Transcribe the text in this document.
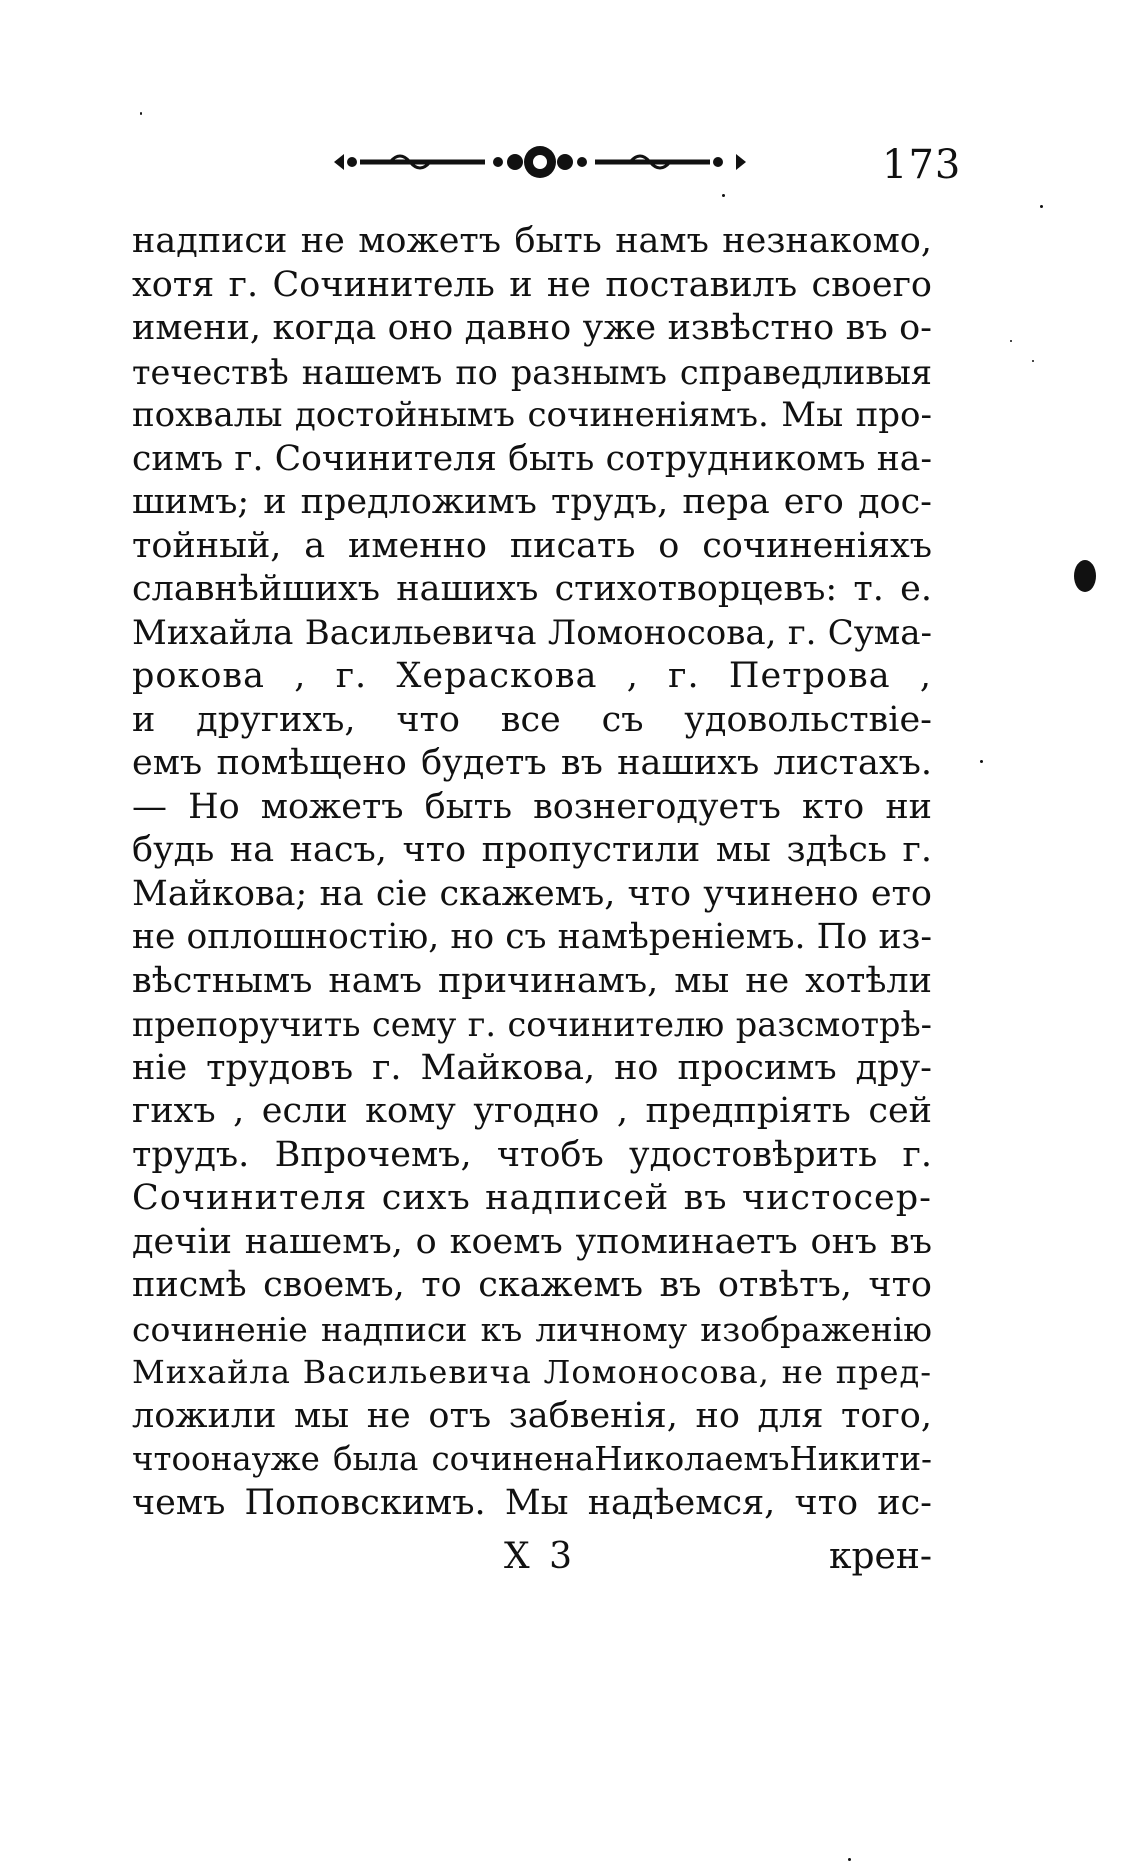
173
надписи не можетъ быть намъ незнакомо,
хотя г. Сочинитель и не поставилъ своего
имени, когда оно давно уже извѣстно въ о-
течествѣ нашемъ по разнымъ справедливыя
похвалы достойнымъ сочиненіямъ. Мы про-
симъ г. Сочинителя быть сотрудникомъ на-
шимъ; и предложимъ трудъ, пера его дос-
тойный, а именно писать о сочиненіяхъ
славнѣйшихъ нашихъ стихотворцевъ: т. е.
Михайла Васильевича Ломоносова, г. Сума-
рокова , г. Хераскова , г. Петрова ,
и другихъ, что все съ удовольствiе-
емъ помѣщено будетъ въ нашихъ листахъ.
— Но можетъ быть вознегодуетъ кто ни
будь на насъ, что пропустили мы здѣсь г.
Майкова; на сiе скажемъ, что учинено ето
не оплошностiю, но съ намѣренiемъ. По из-
вѣстнымъ намъ причинамъ, мы не хотѣли
препоручить сему г. сочинителю разсмотрѣ-
нiе трудовъ г. Майкова, но просимъ дру-
гихъ , если кому угодно , предпрiять сей
трудъ. Впрочемъ, чтобъ удостовѣрить г.
Сочинителя сихъ надписей въ чистосер-
дечiи нашемъ, о коемъ упоминаетъ онъ въ
писмѣ своемъ, то скажемъ въ отвѣтъ, что
сочиненiе надписи къ личному изображенiю
Михайла Васильевича Ломоносова, не пред-
ложили мы не отъ забвенiя, но для того,
чтоонауже была сочиненаНиколаемъНикити-
чемъ Поповскимъ. Мы надѣемся, что ис-
Х 3	крен-
